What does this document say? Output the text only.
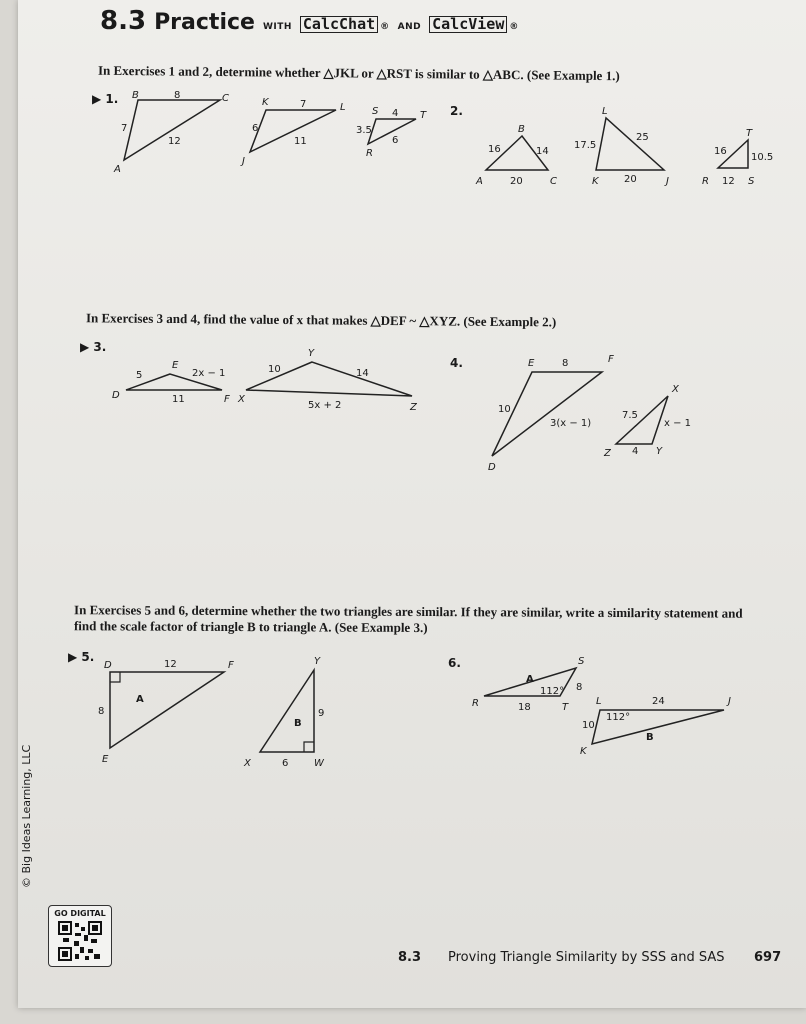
8.3 Practice WITH CalcChat ® AND CalcView ®
In Exercises 1 and 2, determine whether △JKL or △RST is similar to △ABC. (See Example 1.)
▶ 1. B	C
A
8
7
12
K	L
J
7
6
11
S	T
R
4
3.5
6
2.
B
A	C
16	14
20
L
K	J
17.5
25
20
T
R	S
16
10.5
12
In Exercises 3 and 4, find the value of x that makes △DEF ~ △XYZ. (See Example 2.)
▶ 3.
E
D	F
5	2x − 1
11
Y
X
Z
10	14
5x + 2
4.	E	F
D
8
10
3(x − 1)
X
Z	Y
7.5
x − 1
4
In Exercises 5 and 6, determine whether the two triangles are similar. If they are similar, write a similarity statement and find the scale factor of triangle B to triangle A. (See Example 3.)
▶ 5.
D	F
E
12
8
A
Y
X	W
9
6
B
6.	S
R	T
A
112° 8
18
L	J
K
112°
24
10
B
GO DIGITAL
8.3 Proving Triangle Similarity by SSS and SAS 697
© Big Ideas Learning, LLC
